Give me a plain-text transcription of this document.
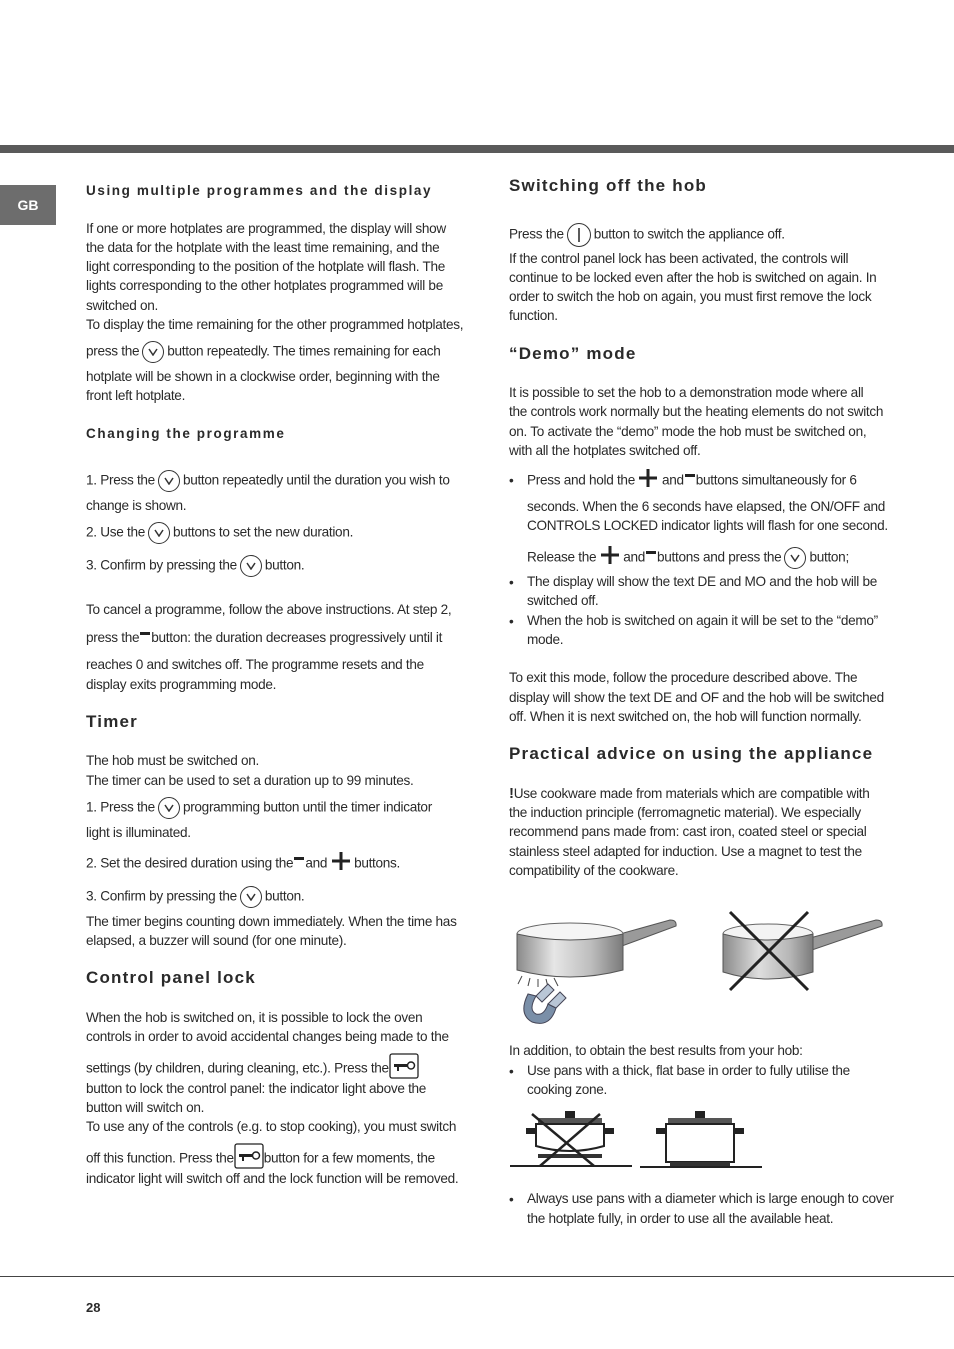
GB

Using multiple programmes and the display

If one or more hotplates are programmed, the display will show

the data for the hotplate with the least time remaining, and the

light corresponding to the position of the hotplate will flash. The

lights corresponding to the other hotplates programmed will be

switched on.

To display the time remaining for the other programmed hotplates,

press the button repeatedly. The times remaining for each

hotplate will be shown in a clockwise order, beginning with the

front left hotplate.

Changing the programme

1. Press the button repeatedly until the duration you wish to

change is shown.

2. Use the buttons to set the new duration.

3. Confirm by pressing the button.

To cancel a programme, follow the above instructions. At step 2,

press the button: the duration decreases progressively until it

reaches 0 and switches off. The programme resets and the

display exits programming mode.

Timer

The hob must be switched on.

The timer can be used to set a duration up to 99 minutes.

1. Press the programming button until the timer indicator

light is illuminated.

2. Set the desired duration using the and buttons.

3. Confirm by pressing the button.

The timer begins counting down immediately. When the time has

elapsed, a buzzer will sound (for one minute).

Control panel lock

When the hob is switched on, it is possible to lock the oven

controls in order to avoid accidental changes being made to the

settings (by children, during cleaning, etc.). Press the

button to lock the control panel: the indicator light above the

button will switch on.

To use any of the controls (e.g. to stop cooking), you must switch

off this function. Press the button for a few moments, the

indicator light will switch off and the lock function will be removed.

Switching off the hob

Press the button to switch the appliance off.

If the control panel lock has been activated, the controls will

continue to be locked even after the hob is switched on again. In

order to switch the hob on again, you must first remove the lock

function.

“Demo” mode

It is possible to set the hob to a demonstration mode where all

the controls work normally but the heating elements do not switch

on. To activate the “demo” mode the hob must be switched on,

with all the hotplates switched off.

• Press and hold the and buttons simultaneously for 6

seconds. When the 6 seconds have elapsed, the ON/OFF and

CONTROLS LOCKED indicator lights will flash for one second.

Release the and buttons and press the button;

• The display will show the text DE and MO and the hob will be

switched off.

• When the hob is switched on again it will be set to the “demo”

mode.

To exit this mode, follow the procedure described above. The

display will show the text DE and OF and the hob will be switched

off. When it is next switched on, the hob will function normally.

Practical advice on using the appliance

!Use cookware made from materials which are compatible with

the induction principle (ferromagnetic material). We especially

recommend pans made from: cast iron, coated steel or special

stainless steel adapted for induction. Use a magnet to test the

compatibility of the cookware.

In addition, to obtain the best results from your hob:

• Use pans with a thick, flat base in order to fully utilise the

cooking zone.

• Always use pans with a diameter which is large enough to cover

the hotplate fully, in order to use all the available heat.

28
